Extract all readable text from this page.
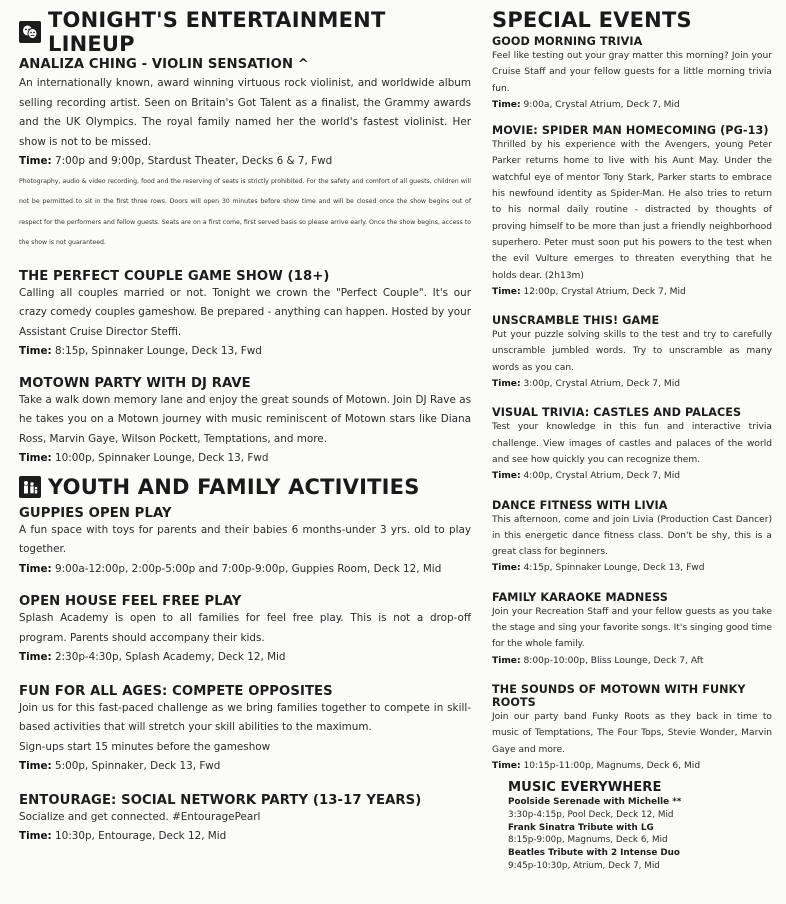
TONIGHT'S ENTERTAINMENT LINEUP

ANALIZA CHING - VIOLIN SENSATION ^

An internationally known, award winning virtuous rock violinist, and worldwide album selling recording artist. Seen on Britain's Got Talent as a finalist, the Grammy awards and the UK Olympics. The royal family named her the world's fastest violinist. Her show is not to be missed.

Time: 7:00p and 9:00p, Stardust Theater, Decks 6 & 7, Fwd

Photography, audio & video recording, food and the reserving of seats is strictly prohibited. For the safety and comfort of all guests, children will not be permitted to sit in the first three rows. Doors will open 30 minutes before show time and will be closed once the show begins out of respect for the performers and fellow guests. Seats are on a first come, first served basis so please arrive early. Once the show begins, access to the show is not guaranteed.

THE PERFECT COUPLE GAME SHOW (18+)

Calling all couples married or not. Tonight we crown the "Perfect Couple". It's our crazy comedy couples gameshow. Be prepared - anything can happen. Hosted by your Assistant Cruise Director Steffi.

Time: 8:15p, Spinnaker Lounge, Deck 13, Fwd

MOTOWN PARTY WITH DJ RAVE

Take a walk down memory lane and enjoy the great sounds of Motown. Join DJ Rave as he takes you on a Motown journey with music reminiscent of Motown stars like Diana Ross, Marvin Gaye, Wilson Pockett, Temptations, and more.

Time: 10:00p, Spinnaker Lounge, Deck 13, Fwd

YOUTH AND FAMILY ACTIVITIES

GUPPIES OPEN PLAY

A fun space with toys for parents and their babies 6 months-under 3 yrs. old to play together.

Time: 9:00a-12:00p, 2:00p-5:00p and 7:00p-9:00p, Guppies Room, Deck 12, Mid

OPEN HOUSE FEEL FREE PLAY

Splash Academy is open to all families for feel free play. This is not a drop-off program. Parents should accompany their kids.

Time: 2:30p-4:30p, Splash Academy, Deck 12, Mid

FUN FOR ALL AGES: COMPETE OPPOSITES

Join us for this fast-paced challenge as we bring families together to compete in skill-based activities that will stretch your skill abilities to the maximum.

Sign-ups start 15 minutes before the gameshow

Time: 5:00p, Spinnaker, Deck 13, Fwd

ENTOURAGE: SOCIAL NETWORK PARTY (13-17 YEARS)

Socialize and get connected. #EntouragePearl

Time: 10:30p, Entourage, Deck 12, Mid

SPECIAL EVENTS

GOOD MORNING TRIVIA

Feel like testing out your gray matter this morning? Join your Cruise Staff and your fellow guests for a little morning trivia fun.

Time: 9:00a, Crystal Atrium, Deck 7, Mid

MOVIE: SPIDER MAN HOMECOMING (PG-13)

Thrilled by his experience with the Avengers, young Peter Parker returns home to live with his Aunt May. Under the watchful eye of mentor Tony Stark, Parker starts to embrace his newfound identity as Spider-Man. He also tries to return to his normal daily routine - distracted by thoughts of proving himself to be more than just a friendly neighborhood superhero. Peter must soon put his powers to the test when the evil Vulture emerges to threaten everything that he holds dear. (2h13m)

Time: 12:00p, Crystal Atrium, Deck 7, Mid

UNSCRAMBLE THIS! GAME

Put your puzzle solving skills to the test and try to carefully unscramble jumbled words. Try to unscramble as many words as you can.

Time: 3:00p, Crystal Atrium, Deck 7, Mid

VISUAL TRIVIA: CASTLES AND PALACES

Test your knowledge in this fun and interactive trivia challenge. View images of castles and palaces of the world and see how quickly you can recognize them.

Time: 4:00p, Crystal Atrium, Deck 7, Mid

DANCE FITNESS WITH LIVIA

This afternoon, come and join Livia (Production Cast Dancer) in this energetic dance fitness class. Don't be shy, this is a great class for beginners.

Time: 4:15p, Spinnaker Lounge, Deck 13, Fwd

FAMILY KARAOKE MADNESS

Join your Recreation Staff and your fellow guests as you take the stage and sing your favorite songs. It's singing good time for the whole family.

Time: 8:00p-10:00p, Bliss Lounge, Deck 7, Aft

THE SOUNDS OF MOTOWN WITH FUNKY ROOTS

Join our party band Funky Roots as they back in time to music of Temptations, The Four Tops, Stevie Wonder, Marvin Gaye and more.

Time: 10:15p-11:00p, Magnums, Deck 6, Mid

MUSIC EVERYWHERE

Poolside Serenade with Michelle **

3:30p-4:15p, Pool Deck, Deck 12, Mid

Frank Sinatra Tribute with LG

8:15p-9:00p, Magnums, Deck 6, Mid

Beatles Tribute with 2 Intense Duo

9:45p-10:30p, Atrium, Deck 7, Mid
